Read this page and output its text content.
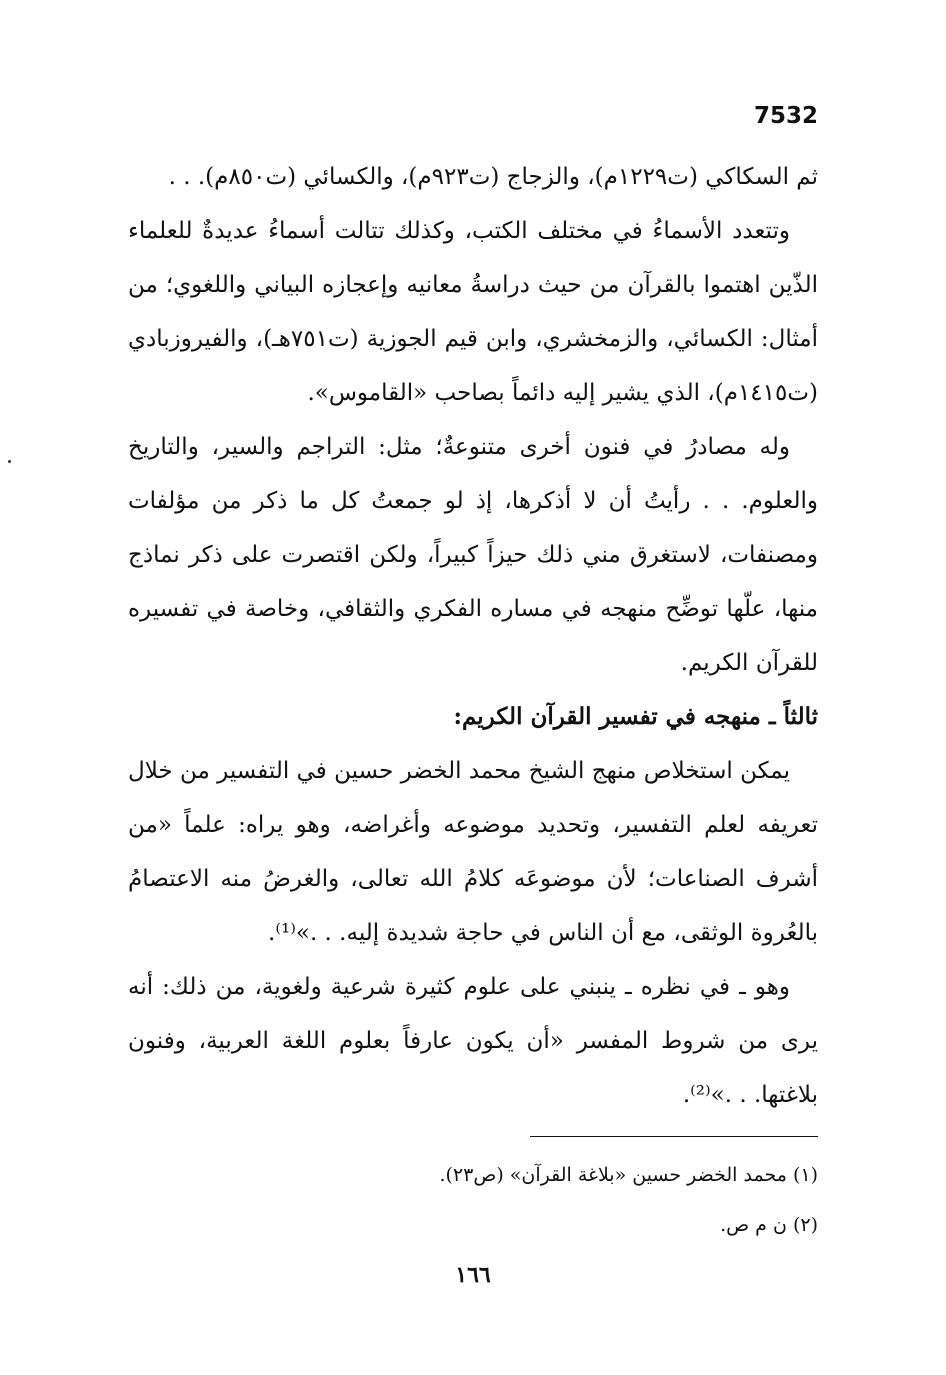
7532

ثم السكاكي (ت١٢٢٩م)، والزجاج (ت٩٢٣م)، والكسائي (ت٨٥٠م). . .

وتتعدد الأسماءُ في مختلف الكتب، وكذلك تتالت أسماءُ عديدةٌ للعلماء الذّين اهتموا بالقرآن من حيث دراسةُ معانيه وإعجازه البياني واللغوي؛ من أمثال: الكسائي، والزمخشري، وابن قيم الجوزية (ت٧٥١هـ)، والفيروزبادي (ت١٤١٥م)، الذي يشير إليه دائماً بصاحب «القاموس».

وله مصادرُ في فنون أخرى متنوعةٌ؛ مثل: التراجم والسير، والتاريخ والعلوم. . . رأيتُ أن لا أذكرها، إذ لو جمعتُ كل ما ذكر من مؤلفات ومصنفات، لاستغرق مني ذلك حيزاً كبيراً، ولكن اقتصرت على ذكر نماذج منها، علّها توضِّح منهجه في مساره الفكري والثقافي، وخاصة في تفسيره للقرآن الكريم.

ثالثاً ـ منهجه في تفسير القرآن الكريم:

يمكن استخلاص منهج الشيخ محمد الخضر حسين في التفسير من خلال تعريفه لعلم التفسير، وتحديد موضوعه وأغراضه، وهو يراه: علماً «من أشرف الصناعات؛ لأن موضوعَه كلامُ الله تعالى، والغرضُ منه الاعتصامُ بالعُروة الوثقى، مع أن الناس في حاجة شديدة إليه. . .»⁽¹⁾.

وهو ـ في نظره ـ ينبني على علوم كثيرة شرعية ولغوية، من ذلك: أنه يرى من شروط المفسر «أن يكون عارفاً بعلوم اللغة العربية، وفنون بلاغتها. . .»⁽²⁾.

(١) محمد الخضر حسين «بلاغة القرآن» (ص٢٣).

(٢) ن م ص.

١٦٦
